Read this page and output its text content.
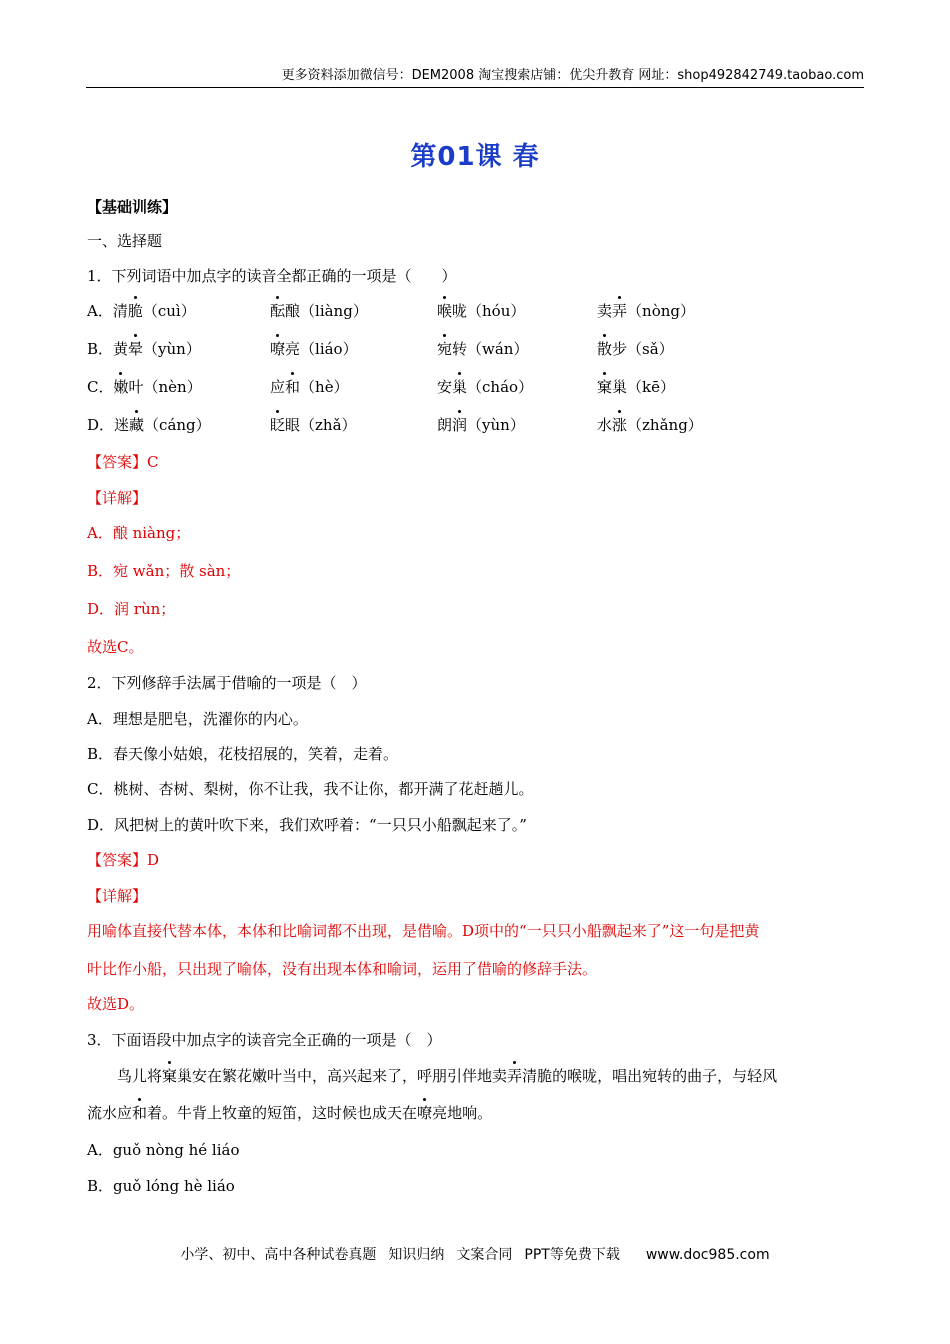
更多资料添加微信号：DEM2008 淘宝搜索店铺：优尖升教育 网址：shop492842749.taobao.com
第01课 春
【基础训练】
一、选择题
1．下列词语中加点字的读音全都正确的一项是（　　）
A．清脆（cuì）	酝酿（liàng）	喉咙（hóu）	卖弄（nòng）
B．黄晕（yùn）	嘹亮（liáo）	宛转（wán）	散步（sǎ）
C．嫩叶（nèn）	应和（hè）	安巢（cháo）	窠巢（kē）
D．迷藏（cáng）	眨眼（zhǎ）	朗润（yùn）	水涨（zhǎng）
【答案】C
【详解】
A．酿 niàng；
B．宛 wǎn；散 sàn；
D．润 rùn；
故选C。
2．下列修辞手法属于借喻的一项是（　）
A．理想是肥皂，洗濯你的内心。
B．春天像小姑娘，花枝招展的，笑着，走着。
C．桃树、杏树、梨树，你不让我，我不让你，都开满了花赶趟儿。
D．风把树上的黄叶吹下来，我们欢呼着：“一只只小船飘起来了。”
【答案】D
【详解】
用喻体直接代替本体，本体和比喻词都不出现，是借喻。D项中的“一只只小船飘起来了”这一句是把黄
叶比作小船，只出现了喻体，没有出现本体和喻词，运用了借喻的修辞手法。
故选D。
3．下面语段中加点字的读音完全正确的一项是（　）
鸟儿将窠巢安在繁花嫩叶当中，高兴起来了，呼朋引伴地卖弄清脆的喉咙，唱出宛转的曲子，与轻风
流水应和着。牛背上牧童的短笛，这时候也成天在嘹亮地响。
A．guǒ nòng hé liáo
B．guǒ lóng hè liáo
小学、初中、高中各种试卷真题 知识归纳 文案合同 PPT等免费下载 www.doc985.com
